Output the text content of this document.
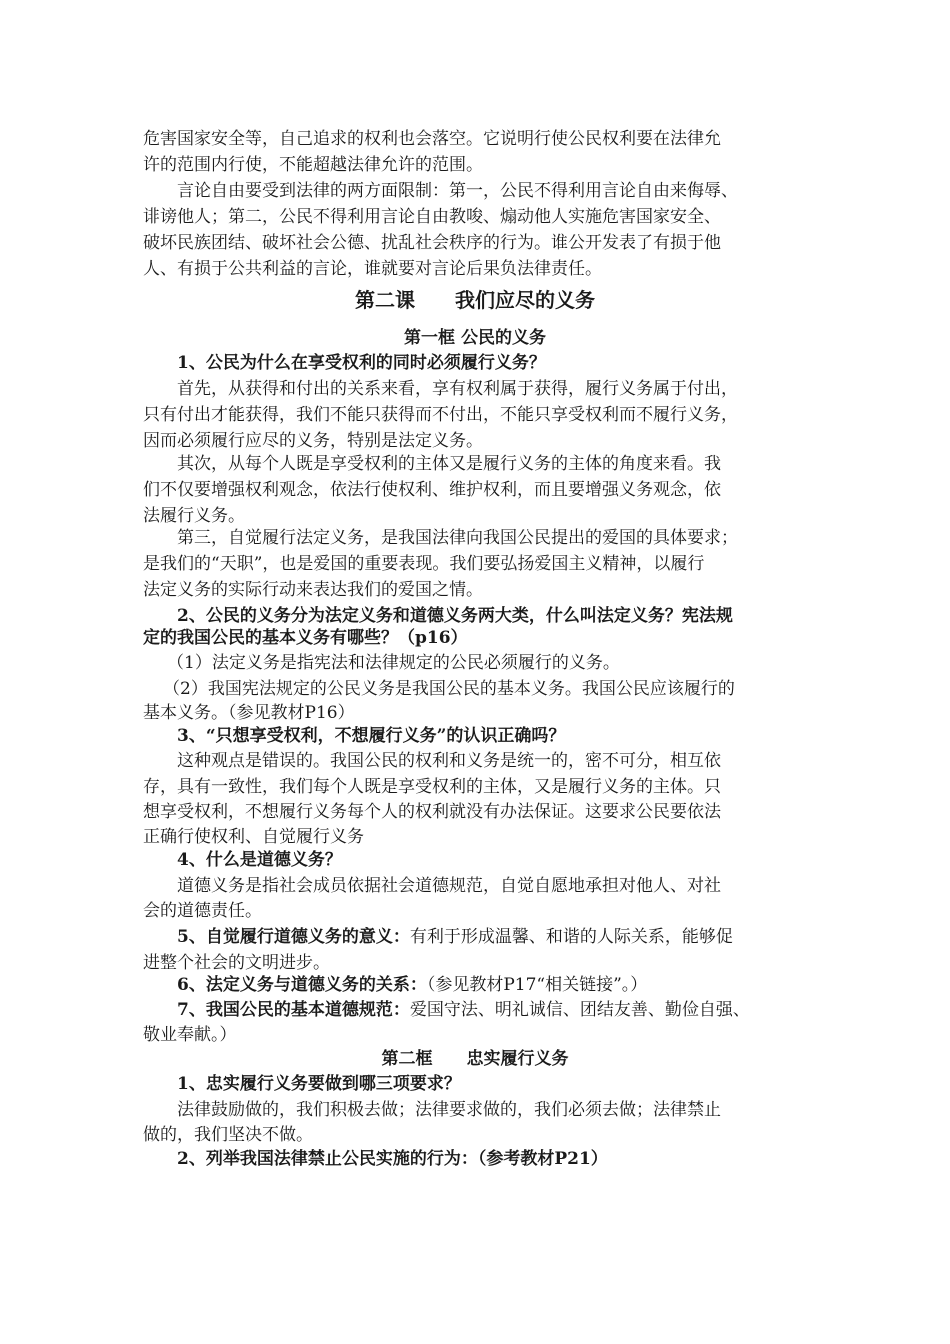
危害国家安全等，自己追求的权利也会落空。它说明行使公民权利要在法律允

许的范围内行使，不能超越法律允许的范围。

言论自由要受到法律的两方面限制：第一，公民不得利用言论自由来侮辱、

诽谤他人；第二，公民不得利用言论自由教唆、煽动他人实施危害国家安全、

破坏民族团结、破坏社会公德、扰乱社会秩序的行为。谁公开发表了有损于他

人、有损于公共利益的言论，谁就要对言论后果负法律责任。

第二课　　我们应尽的义务
第一框 公民的义务

1、公民为什么在享受权利的同时必须履行义务？

首先，从获得和付出的关系来看，享有权利属于获得，履行义务属于付出，

只有付出才能获得，我们不能只获得而不付出，不能只享受权利而不履行义务，

因而必须履行应尽的义务，特别是法定义务。

其次，从每个人既是享受权利的主体又是履行义务的主体的角度来看。我

们不仅要增强权利观念，依法行使权利、维护权利，而且要增强义务观念，依

法履行义务。

第三，自觉履行法定义务，是我国法律向我国公民提出的爱国的具体要求；

是我们的“天职”，也是爱国的重要表现。我们要弘扬爱国主义精神，以履行

法定义务的实际行动来表达我们的爱国之情。

2、公民的义务分为法定义务和道德义务两大类，什么叫法定义务？宪法规

定的我国公民的基本义务有哪些？（p16）

（1）法定义务是指宪法和法律规定的公民必须履行的义务。

（2）我国宪法规定的公民义务是我国公民的基本义务。我国公民应该履行的

基本义务。（参见教材P16）

3、“只想享受权利，不想履行义务”的认识正确吗？

这种观点是错误的。我国公民的权利和义务是统一的，密不可分，相互依

存，具有一致性，我们每个人既是享受权利的主体，又是履行义务的主体。只

想享受权利，不想履行义务每个人的权利就没有办法保证。这要求公民要依法

正确行使权利、自觉履行义务

4、什么是道德义务？

道德义务是指社会成员依据社会道德规范，自觉自愿地承担对他人、对社

会的道德责任。

5、自觉履行道德义务的意义：有利于形成温馨、和谐的人际关系，能够促

进整个社会的文明进步。

6、法定义务与道德义务的关系：（参见教材P17“相关链接”。）

7、我国公民的基本道德规范：爱国守法、明礼诚信、团结友善、勤俭自强、

敬业奉献。）

第二框　　忠实履行义务

1、忠实履行义务要做到哪三项要求？

法律鼓励做的，我们积极去做；法律要求做的，我们必须去做；法律禁止

做的，我们坚决不做。

2、列举我国法律禁止公民实施的行为：（参考教材P21）
